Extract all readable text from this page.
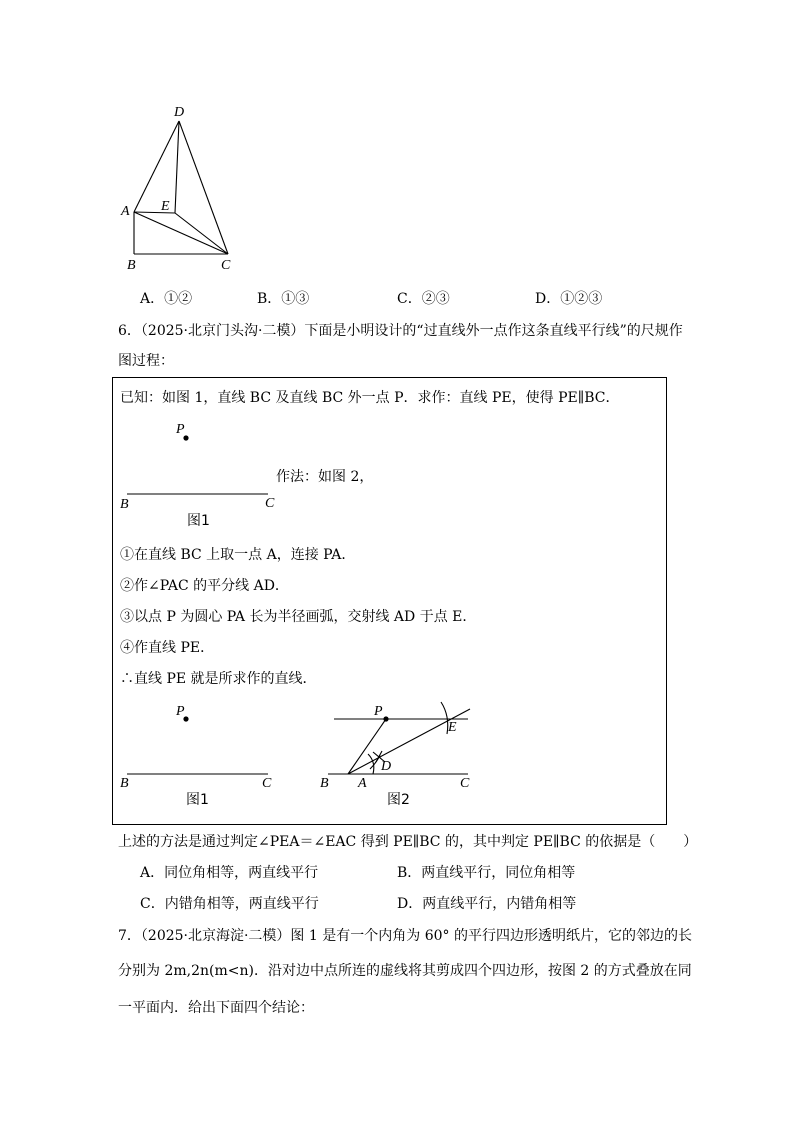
D
A E
B	C
A．①②	B．①③	C．②③	D．①②③
6．（2025·北京门头沟·二模）下面是小明设计的“过直线外一点作这条直线平行线”的尺规作
图过程：
已知：如图 1，直线 BC 及直线 BC 外一点 P．求作：直线 PE，使得 PE∥BC．
P
B	C
图1
作法：如图 2，
①在直线 BC 上取一点 A，连接 PA．
②作∠PAC 的平分线 AD．
③以点 P 为圆心 PA 长为半径画弧，交射线 AD 于点 E．
④作直线 PE．
∴直线 PE 就是所求作的直线．
P
B	C
图1
P
E
D
B A	C
图2
上述的方法是通过判定∠PEA＝∠EAC 得到 PE∥BC 的，其中判定 PE∥BC 的依据是（　　）
A．同位角相等，两直线平行	B．两直线平行，同位角相等
C．内错角相等，两直线平行	D．两直线平行，内错角相等
7．（2025·北京海淀·二模）图 1 是有一个内角为 60° 的平行四边形透明纸片，它的邻边的长
分别为 2m,2n(m<n)．沿对边中点所连的虚线将其剪成四个四边形，按图 2 的方式叠放在同
一平面内．给出下面四个结论：
